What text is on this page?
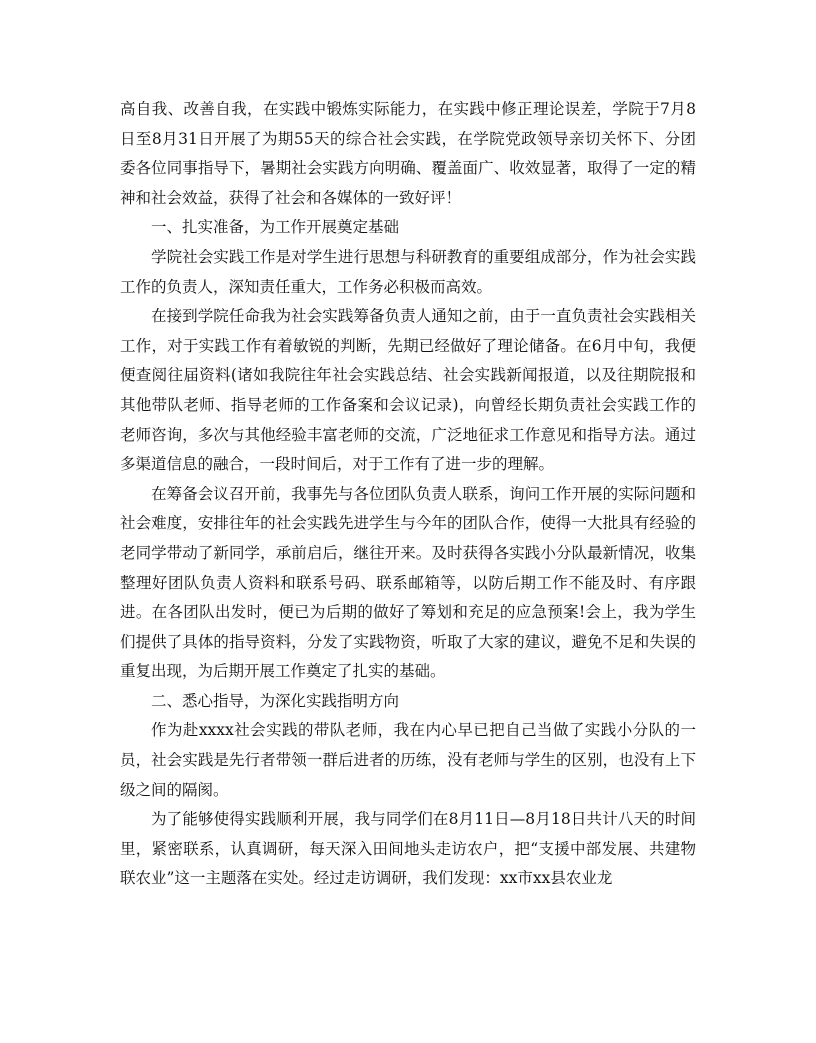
高自我、改善自我，在实践中锻炼实际能力，在实践中修正理论误差，学院于7月8日至8月31日开展了为期55天的综合社会实践，在学院党政领导亲切关怀下、分团委各位同事指导下，暑期社会实践方向明确、覆盖面广、收效显著，取得了一定的精神和社会效益，获得了社会和各媒体的一致好评！

一、扎实准备，为工作开展奠定基础

学院社会实践工作是对学生进行思想与科研教育的重要组成部分，作为社会实践工作的负责人，深知责任重大，工作务必积极而高效。

在接到学院任命我为社会实践筹备负责人通知之前，由于一直负责社会实践相关工作，对于实践工作有着敏锐的判断，先期已经做好了理论储备。在6月中旬，我便便查阅往届资料(诸如我院往年社会实践总结、社会实践新闻报道，以及往期院报和其他带队老师、指导老师的工作备案和会议记录)，向曾经长期负责社会实践工作的老师咨询，多次与其他经验丰富老师的交流，广泛地征求工作意见和指导方法。通过多渠道信息的融合，一段时间后，对于工作有了进一步的理解。

在筹备会议召开前，我事先与各位团队负责人联系，询问工作开展的实际问题和社会难度，安排往年的社会实践先进学生与今年的团队合作，使得一大批具有经验的老同学带动了新同学，承前启后，继往开来。及时获得各实践小分队最新情况，收集整理好团队负责人资料和联系号码、联系邮箱等，以防后期工作不能及时、有序跟进。在各团队出发时，便已为后期的做好了筹划和充足的应急预案!会上，我为学生们提供了具体的指导资料，分发了实践物资，听取了大家的建议，避免不足和失误的重复出现，为后期开展工作奠定了扎实的基础。

二、悉心指导，为深化实践指明方向

作为赴xxxx社会实践的带队老师，我在内心早已把自己当做了实践小分队的一员，社会实践是先行者带领一群后进者的历练，没有老师与学生的区别，也没有上下级之间的隔阂。

为了能够使得实践顺利开展，我与同学们在8月11日—8月18日共计八天的时间里，紧密联系，认真调研，每天深入田间地头走访农户，把“支援中部发展、共建物联农业”这一主题落在实处。经过走访调研，我们发现：xx市xx县农业龙
